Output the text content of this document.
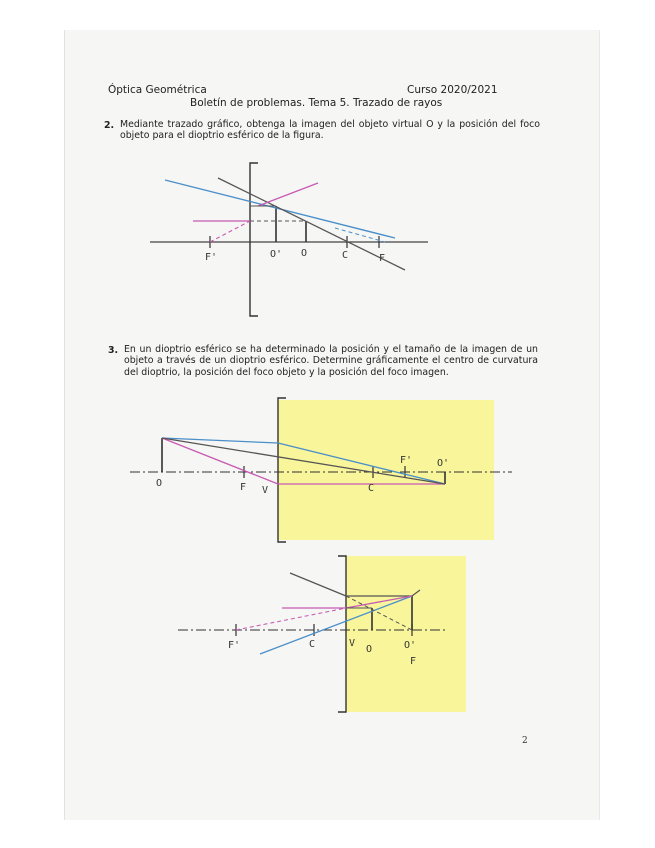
Óptica Geométrica	Curso 2020/2021
Boletín de problemas. Tema 5. Trazado de rayos
2. Mediante trazado gráfico, obtenga la imagen del objeto virtual O y la posición del foco objeto para el dioptrio esférico de la figura.
3. En un dioptrio esférico se ha determinado la posición y el tamaño de la imagen de un objeto a través de un dioptrio esférico. Determine gráficamente el centro de curvatura del dioptrio, la posición del foco objeto y la posición del foco imagen.
F'	O' O	C	F
O	F V	C
F' O'
F'	C	V
O	O'
F
2
